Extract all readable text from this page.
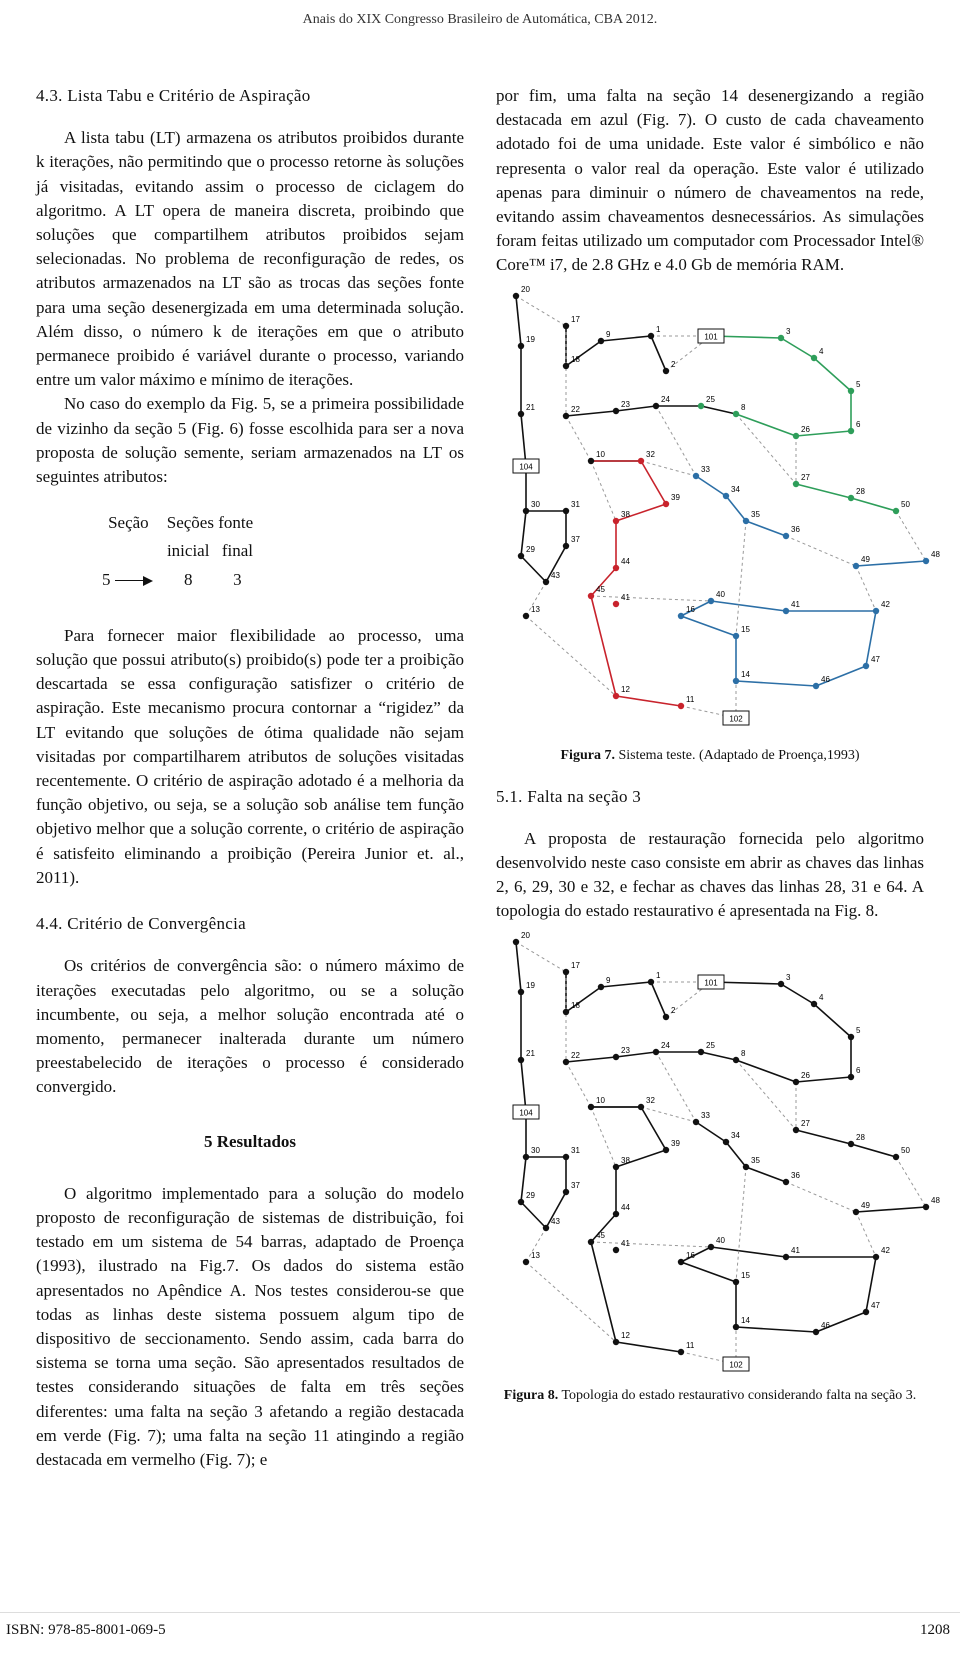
Anais do XIX Congresso Brasileiro de Automática, CBA 2012.
4.3. Lista Tabu e Critério de Aspiração

A lista tabu (LT) armazena os atributos proibidos durante k iterações, não permitindo que o processo retorne às soluções já visitadas, evitando assim o processo de ciclagem do algoritmo. A LT opera de maneira discreta, proibindo que soluções que compartilhem atributos proibidos sejam selecionadas. No problema de reconfiguração de redes, os atributos armazenados na LT são as trocas das seções fonte para uma seção desenergizada em uma determinada solução. Além disso, o número k de iterações em que o atributo permanece proibido é variável durante o processo, variando entre um valor máximo e mínimo de iterações.

No caso do exemplo da Fig. 5, se a primeira possibilidade de vizinho da seção 5 (Fig. 6) fosse escolhida para ser a nova proposta de solução semente, seriam armazenados na LT os seguintes atributos:

Seção	Seções fonte	
	inicial	final
5	8	3

Para fornecer maior flexibilidade ao processo, uma solução que possui atributo(s) proibido(s) pode ter a proibição descartada se essa configuração satisfizer o critério de aspiração. Este mecanismo procura contornar a “rigidez” da LT evitando que soluções de ótima qualidade não sejam visitadas por compartilharem atributos de soluções visitadas recentemente. O critério de aspiração adotado é a melhoria da função objetivo, ou seja, se a solução sob análise tem função objetivo melhor que a solução corrente, o critério de aspiração é satisfeito eliminando a proibição (Pereira Junior et. al., 2011).

4.4. Critério de Convergência

Os critérios de convergência são: o número máximo de iterações executadas pelo algoritmo, ou se a solução incumbente, ou seja, a melhor solução encontrada até o momento, permanecer inalterada durante um número preestabelecido de iterações o processo é considerado convergido.

5 Resultados

O algoritmo implementado para a solução do modelo proposto de reconfiguração de sistemas de distribuição, foi testado em um sistema de 54 barras, adaptado de Proença (1993), ilustrado na Fig.7. Os dados do sistema estão apresentados no Apêndice A. Nos testes considerou-se que todas as linhas deste sistema possuem algum tipo de dispositivo de seccionamento. Sendo assim, cada barra do sistema se torna uma seção. São apresentados resultados de testes considerando situações de falta em três seções diferentes: uma falta na seção 3 afetando a região destacada em verde (Fig. 7); uma falta na seção 11 atingindo a região destacada em vermelho (Fig. 7); e

por fim, uma falta na seção 14 desenergizando a região destacada em azul (Fig. 7). O custo de cada chaveamento adotado foi de uma unidade. Este valor é simbólico e não representa o valor real da operação. Este valor é utilizado apenas para diminuir o número de chaveamentos na rede, evitando assim chaveamentos desnecessários. As simulações foram feitas utilizado um computador com Processador Intel® Core™ i7, de 2.8 GHz e 4.0 Gb de memória RAM.

1
2
3
4
5
6
8
9
10
11
12
13
14
15
16
17
18
19
20
21	22
23
24	25
26
27
28
29
30	31
32
33
34
35
36
37
38
39
40
41
42
43
44
45
46
47
48
49
50
101
102
104
41
Figura 7. Sistema teste. (Adaptado de Proença,1993)
5.1. Falta na seção 3

A proposta de restauração fornecida pelo algoritmo desenvolvido neste caso consiste em abrir as chaves das linhas 2, 6, 29, 30 e 32, e fechar as chaves das linhas 28, 31 e 64. A topologia do estado restaurativo é apresentada na Fig. 8.

1
2
3
4
5
6
8
9
10
11
12
13
14
15
16
17
18
19
20
21	22
23
24	25
26
27
28
29
30	31
32
33
34
35
36
37
38
39
40
41
42
43
44
45
46
47
48
49
50
101
102
104
41
Figura 8. Topologia do estado restaurativo considerando falta na seção 3.
ISBN: 978-85-8001-069-5	1208
